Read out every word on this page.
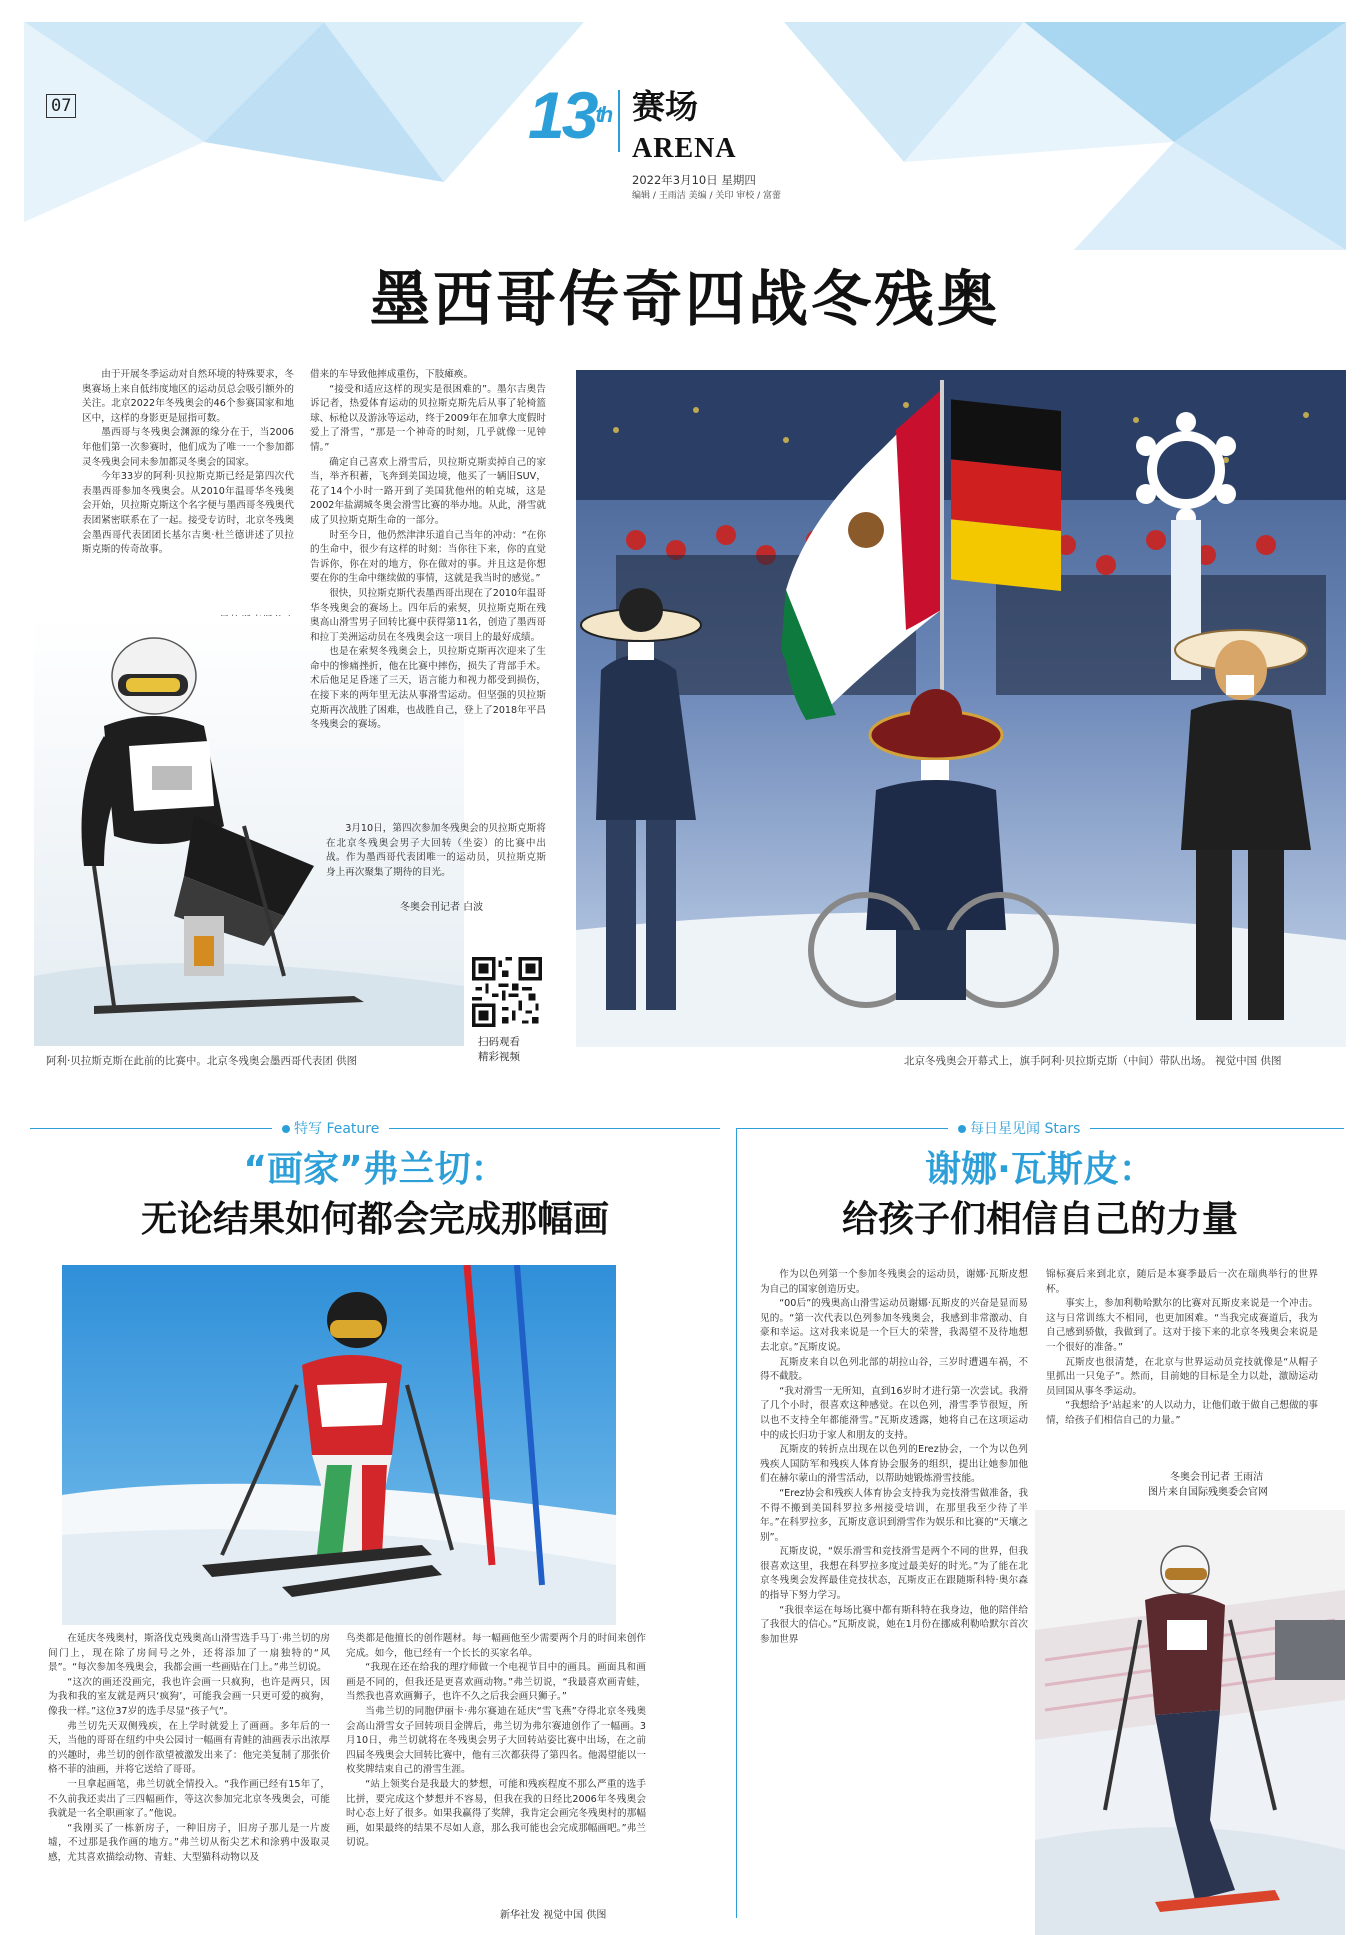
07	13th 赛场
ARENA
2022年3月10日 星期四
编辑 / 王雨洁 美编 / 关印 审校 / 富蕾
墨西哥传奇四战冬残奥

由于开展冬季运动对自然环境的特殊要求，冬奥赛场上来自低纬度地区的运动员总会吸引额外的关注。北京2022年冬残奥会的46个参赛国家和地区中，这样的身影更是屈指可数。

墨西哥与冬残奥会渊源的缘分在于，当2006年他们第一次参赛时，他们成为了唯一一个参加都灵冬残奥会同未参加都灵冬奥会的国家。

今年33岁的阿利·贝拉斯克斯已经是第四次代表墨西哥参加冬残奥会。从2010年温哥华冬残奥会开始，贝拉斯克斯这个名字便与墨西哥冬残奥代表团紧密联系在了一起。接受专访时，北京冬残奥会墨西哥代表团团长基尔吉奥·杜兰德讲述了贝拉斯克斯的传奇故事。

借来的车导致他摔成重伤，下肢瘫痪。

“接受和适应这样的现实是很困难的”。墨尔吉奥告诉记者，热爱体育运动的贝拉斯克斯先后从事了轮椅篮球、标枪以及游泳等运动，终于2009年在加拿大度假时爱上了滑雪，“那是一个神奇的时刻，几乎就像一见钟情。”

确定自己喜欢上滑雪后，贝拉斯克斯卖掉自己的家当，举齐积蓄，飞奔到美国边境，他买了一辆旧SUV，花了14个小时一路开到了美国犹他州的帕克城，这是2002年盐湖城冬奥会滑雪比赛的举办地。从此，滑雪就成了贝拉斯克斯生命的一部分。

时至今日，他仍然津津乐道自己当年的冲动：“在你的生命中，很少有这样的时刻：当你往下来，你的直觉告诉你，你在对的地方，你在做对的事。并且这是你想要在你的生命中继续做的事情，这就是我当时的感觉。”

很快，贝拉斯克斯代表墨西哥出现在了2010年温哥华冬残奥会的赛场上。四年后的索契，贝拉斯克斯在残奥高山滑雪男子回转比赛中获得第11名，创造了墨西哥和拉丁美洲运动员在冬残奥会这一项目上的最好成绩。

也是在索契冬残奥会上，贝拉斯克斯再次迎来了生命中的惨痛挫折，他在比赛中摔伤，损失了背部手术。术后他足足昏迷了三天，语言能力和视力都受到损伤，在接下来的两年里无法从事滑雪运动。但坚强的贝拉斯克斯再次战胜了困难，也战胜自己，登上了2018年平昌冬残奥会的赛场。

3月10日，第四次参加冬残奥会的贝拉斯克斯将在北京冬残奥会男子大回转（坐姿）的比赛中出战。作为墨西哥代表团唯一的运动员，贝拉斯克斯身上再次聚集了期待的目光。

冬奥会刊记者 白波
扫码观看
精彩视频
阿利·贝拉斯克斯在此前的比赛中。北京冬残奥会墨西哥代表团 供图	北京冬残奥会开幕式上，旗手阿利·贝拉斯克斯（中间）带队出场。 视觉中国 供图
特写 Feature
“画家”弗兰切：
无论结果如何都会完成那幅画

在延庆冬残奥村，斯洛伐克残奥高山滑雪选手马丁·弗兰切的房间门上，现在除了房间号之外，还将添加了一扇独特的“风景”。“每次参加冬残奥会，我都会画一些画贴在门上。”弗兰切说。

“这次的画还没画完，我也许会画一只疯狗，也许是两只，因为我和我的室友就是两只‘疯狗’，可能我会画一只更可爱的疯狗，像我一样。”这位37岁的选手尽显“孩子气”。

弗兰切先天双侧残疾，在上学时就爱上了画画。多年后的一天，当他的哥哥在纽约中央公园讨一幅画有青鲑的油画表示出浓厚的兴趣时，弗兰切的创作欲望被激发出来了：他完美复制了那张价格不菲的油画，并将它送给了哥哥。

一旦拿起画笔，弗兰切就全情投入。“我作画已经有15年了，不久前我还卖出了三四幅画作，等这次参加完北京冬残奥会，可能我就是一名全职画家了。”他说。

“我刚买了一栋新房子，一种旧房子，旧房子那儿是一片废墟，不过那是我作画的地方。”弗兰切从衔尖艺术和涂鸦中汲取灵感，尤其喜欢描绘动物、青蛙、大型猫科动物以及

鸟类都是他擅长的创作题材。每一幅画他至少需要两个月的时间来创作完成。如今，他已经有一个长长的买家名单。

“我现在还在给我的理疗师做一个电视节目中的画具。画面具和画画是不同的，但我还是更喜欢画动物。”弗兰切说，“我最喜欢画青蛙，当然我也喜欢画狮子，也许不久之后我会画只狮子。”

当弗兰切的同胞伊丽卡·弗尔赛迪在延庆“雪飞燕”夺得北京冬残奥会高山滑雪女子回转项目金牌后，弗兰切为弗尔赛迪创作了一幅画。3月10日，弗兰切就将在冬残奥会男子大回转站姿比赛中出场，在之前四届冬残奥会大回转比赛中，他有三次都获得了第四名。他渴望能以一枚奖牌结束自己的滑雪生涯。

“站上领奖台是我最大的梦想，可能和残疾程度不那么严重的选手比拼，要完成这个梦想并不容易，但我在我的日经比2006年冬残奥会时心态上好了很多。如果我赢得了奖牌，我肯定会画完冬残奥村的那幅画，如果最终的结果不尽如人意，那么我可能也会完成那幅画吧。”弗兰切说。

新华社发 视觉中国 供图
每日星见闻 Stars
谢娜·瓦斯皮：
给孩子们相信自己的力量

作为以色列第一个参加冬残奥会的运动员，谢娜·瓦斯皮想为自己的国家创造历史。

“00后”的残奥高山滑雪运动员谢娜·瓦斯皮的兴奋是显而易见的。“第一次代表以色列参加冬残奥会，我感到非常激动、自豪和幸运。这对我来说是一个巨大的荣誉，我渴望不及待地想去北京。”瓦斯皮说。

瓦斯皮来自以色列北部的胡拉山谷，三岁时遭遇车祸，不得不截肢。

“我对滑雪一无所知，直到16岁时才进行第一次尝试。我滑了几个小时，很喜欢这种感觉。在以色列，滑雪季节很短，所以也不支持全年都能滑雪。”瓦斯皮透露，她将自己在这项运动中的成长归功于家人和朋友的支持。

瓦斯皮的转折点出现在以色列的Erez协会，一个为以色列残疾人国防军和残疾人体育协会服务的组织，提出让她参加他们在赫尔蒙山的滑雪活动，以帮助她锻炼滑雪技能。

“Erez协会和残疾人体育协会支持我为竞技滑雪做准备，我不得不搬到美国科罗拉多州接受培训，在那里我至少待了半年。”在科罗拉多，瓦斯皮意识到滑雪作为娱乐和比赛的“天壤之别”。

瓦斯皮说，“娱乐滑雪和竞技滑雪是两个不同的世界，但我很喜欢这里，我想在科罗拉多度过最美好的时光。”为了能在北京冬残奥会发挥最佳竞技状态，瓦斯皮正在跟随斯科特·奥尔森的指导下努力学习。

“我很幸运在每场比赛中都有斯科特在我身边，他的陪伴给了我很大的信心。”瓦斯皮说，她在1月份在挪威利勒哈默尔首次参加世界

锦标赛后来到北京，随后是本赛季最后一次在瑞典举行的世界杯。

事实上，参加利勒哈默尔的比赛对瓦斯皮来说是一个冲击。这与日常训练大不相同，也更加困难。“当我完成赛道后，我为自己感到骄傲，我做到了。这对于接下来的北京冬残奥会来说是一个很好的准备。”

瓦斯皮也很清楚，在北京与世界运动员竞技就像是“从帽子里抓出一只兔子”。然而，目前她的目标是全力以赴，激励运动员回国从事冬季运动。

“我想给予‘站起来’的人以动力，让他们敢于做自己想做的事情，给孩子们相信自己的力量。”

冬奥会刊记者 王雨洁
图片来自国际残奥委会官网
